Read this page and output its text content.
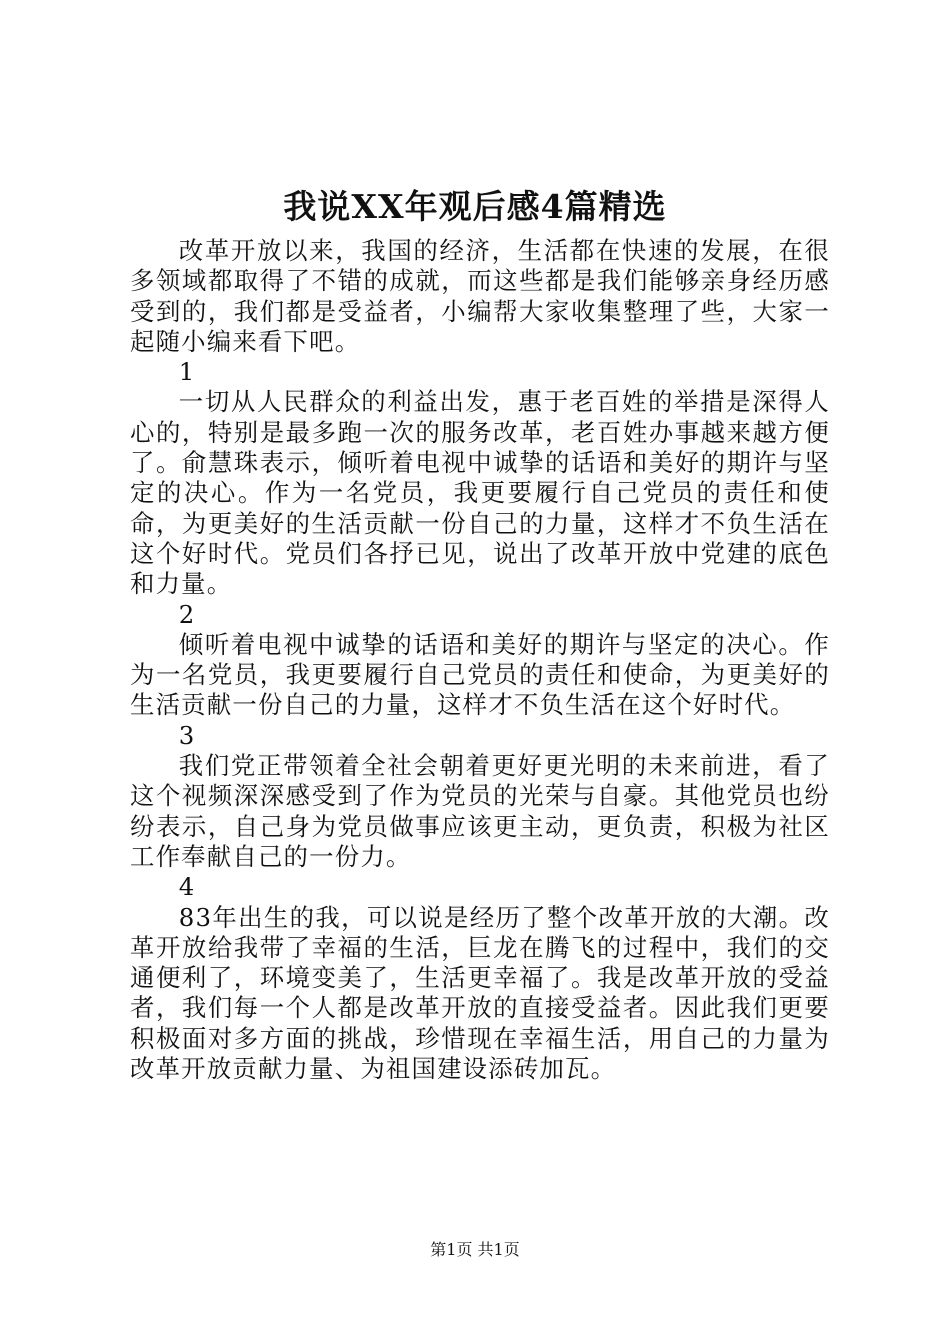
我说XX年观后感4篇精选

改革开放以来，我国的经济，生活都在快速的发展，在很多领域都取得了不错的成就，而这些都是我们能够亲身经历感受到的，我们都是受益者，小编帮大家收集整理了些，大家一起随小编来看下吧。

1

一切从人民群众的利益出发，惠于老百姓的举措是深得人心的，特别是最多跑一次的服务改革，老百姓办事越来越方便了。俞慧珠表示，倾听着电视中诚挚的话语和美好的期许与坚定的决心。作为一名党员，我更要履行自己党员的责任和使命，为更美好的生活贡献一份自己的力量，这样才不负生活在这个好时代。党员们各抒已见，说出了改革开放中党建的底色和力量。

2

倾听着电视中诚挚的话语和美好的期许与坚定的决心。作为一名党员，我更要履行自己党员的责任和使命，为更美好的生活贡献一份自己的力量，这样才不负生活在这个好时代。

3

我们党正带领着全社会朝着更好更光明的未来前进，看了这个视频深深感受到了作为党员的光荣与自豪。其他党员也纷纷表示，自己身为党员做事应该更主动，更负责，积极为社区工作奉献自己的一份力。

4

83年出生的我，可以说是经历了整个改革开放的大潮。改革开放给我带了幸福的生活，巨龙在腾飞的过程中，我们的交通便利了，环境变美了，生活更幸福了。我是改革开放的受益者，我们每一个人都是改革开放的直接受益者。因此我们更要积极面对多方面的挑战，珍惜现在幸福生活，用自己的力量为改革开放贡献力量、为祖国建设添砖加瓦。

第1页 共1页
